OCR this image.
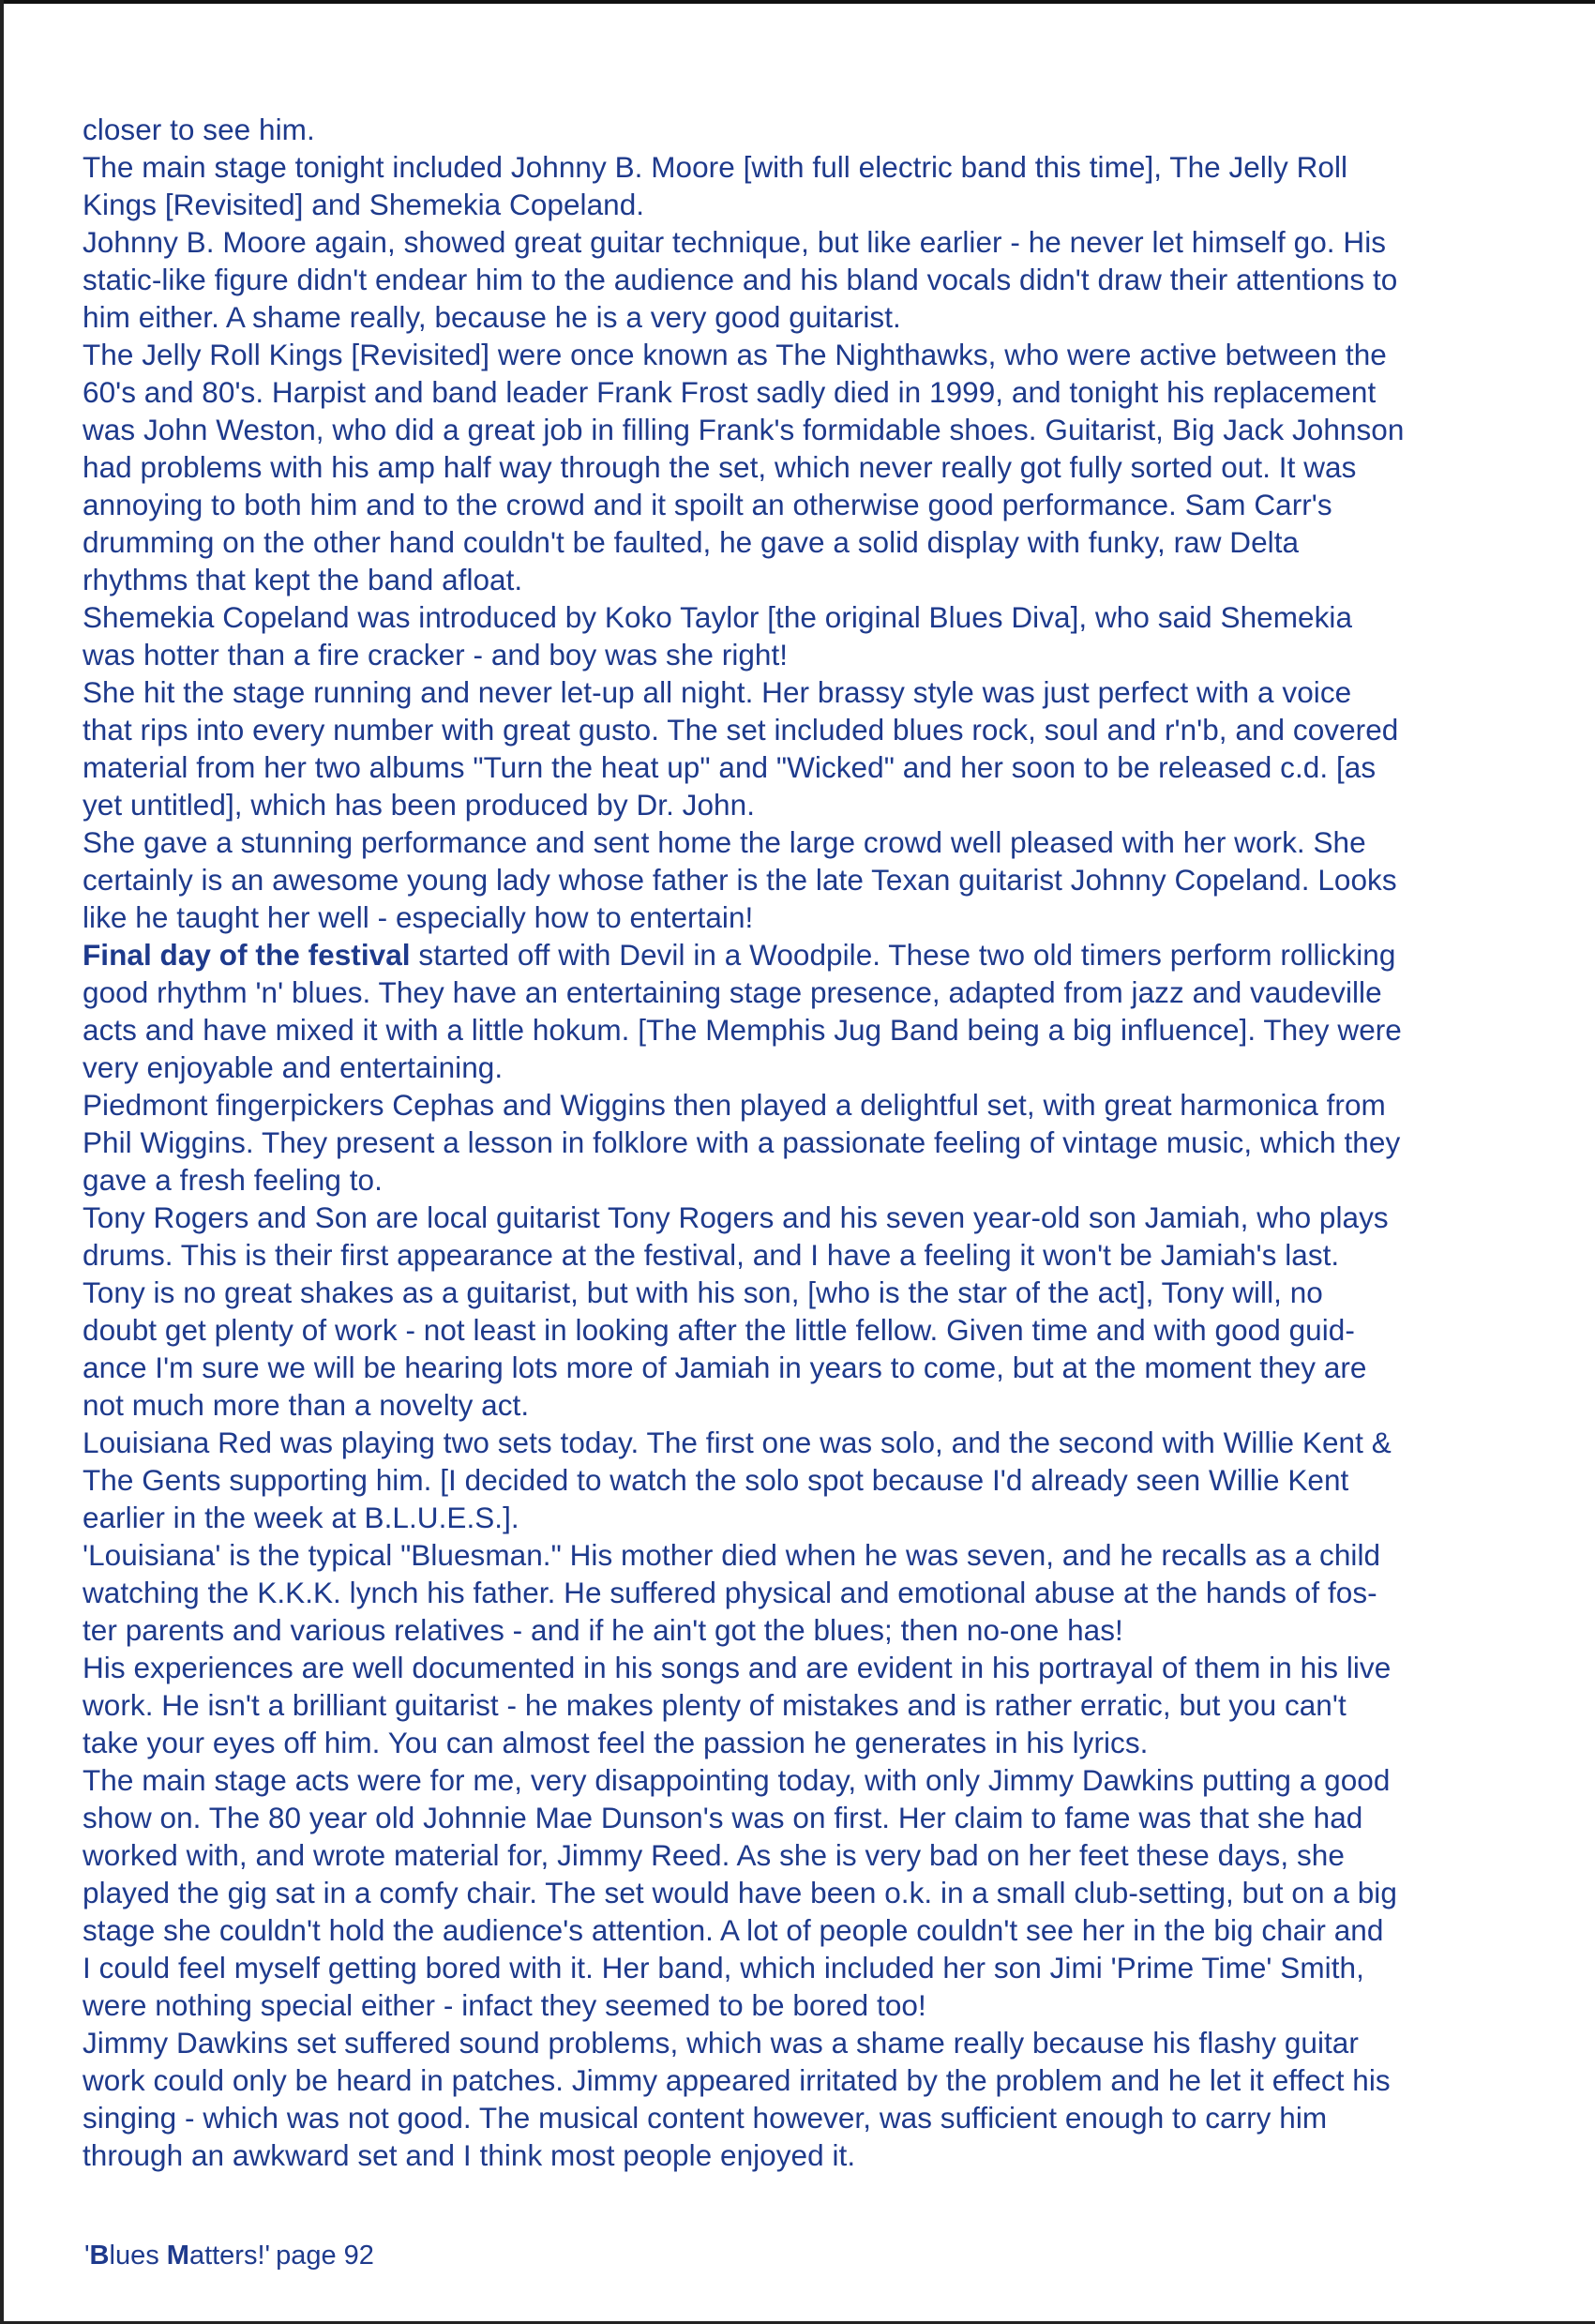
closer to see him.
The main stage tonight included Johnny B. Moore [with full electric band this time], The Jelly Roll
Kings [Revisited] and Shemekia Copeland.
Johnny B. Moore again, showed great guitar technique, but like earlier - he never let himself go. His
static-like figure didn't endear him to the audience and his bland vocals didn't draw their attentions to
him either. A shame really, because he is a very good guitarist.
The Jelly Roll Kings [Revisited] were once known as The Nighthawks, who were active between the
60's and 80's. Harpist and band leader Frank Frost sadly died in 1999, and tonight his replacement
was John Weston, who did a great job in filling Frank's formidable shoes. Guitarist, Big Jack Johnson
had problems with his amp half way through the set, which never really got fully sorted out. It was
annoying to both him and to the crowd and it spoilt an otherwise good performance. Sam Carr's
drumming on the other hand couldn't be faulted, he gave a solid display with funky, raw Delta
rhythms that kept the band afloat.
Shemekia Copeland was introduced by Koko Taylor [the original Blues Diva], who said Shemekia
was hotter than a fire cracker - and boy was she right!
She hit the stage running and never let-up all night. Her brassy style was just perfect with a voice
that rips into every number with great gusto. The set included blues rock, soul and r'n'b, and covered
material from her two albums "Turn the heat up" and "Wicked" and her soon to be released c.d. [as
yet untitled], which has been produced by Dr. John.
She gave a stunning performance and sent home the large crowd well pleased with her work. She
certainly is an awesome young lady whose father is the late Texan guitarist Johnny Copeland. Looks
like he taught her well - especially how to entertain!
Final day of the festival started off with Devil in a Woodpile. These two old timers perform rollicking
good rhythm 'n' blues. They have an entertaining stage presence, adapted from jazz and vaudeville
acts and have mixed it with a little hokum. [The Memphis Jug Band being a big influence]. They were
very enjoyable and entertaining.
Piedmont fingerpickers Cephas and Wiggins then played a delightful set, with great harmonica from
Phil Wiggins. They present a lesson in folklore with a passionate feeling of vintage music, which they
gave a fresh feeling to.
Tony Rogers and Son are local guitarist Tony Rogers and his seven year-old son Jamiah, who plays
drums. This is their first appearance at the festival, and I have a feeling it won't be Jamiah's last.
Tony is no great shakes as a guitarist, but with his son, [who is the star of the act], Tony will, no
doubt get plenty of work - not least in looking after the little fellow. Given time and with good guid-
ance I'm sure we will be hearing lots more of Jamiah in years to come, but at the moment they are
not much more than a novelty act.
Louisiana Red was playing two sets today. The first one was solo, and the second with Willie Kent &
The Gents supporting him. [I decided to watch the solo spot because I'd already seen Willie Kent
earlier in the week at B.L.U.E.S.].
'Louisiana' is the typical "Bluesman." His mother died when he was seven, and he recalls as a child
watching the K.K.K. lynch his father. He suffered physical and emotional abuse at the hands of fos-
ter parents and various relatives - and if he ain't got the blues; then no-one has!
His experiences are well documented in his songs and are evident in his portrayal of them in his live
work. He isn't a brilliant guitarist - he makes plenty of mistakes and is rather erratic, but you can't
take your eyes off him. You can almost feel the passion he generates in his lyrics.
The main stage acts were for me, very disappointing today, with only Jimmy Dawkins putting a good
show on. The 80 year old Johnnie Mae Dunson's was on first. Her claim to fame was that she had
worked with, and wrote material for, Jimmy Reed. As she is very bad on her feet these days, she
played the gig sat in a comfy chair. The set would have been o.k. in a small club-setting, but on a big
stage she couldn't hold the audience's attention. A lot of people couldn't see her in the big chair and
I could feel myself getting bored with it. Her band, which included her son Jimi 'Prime Time' Smith,
were nothing special either - infact they seemed to be bored too!
Jimmy Dawkins set suffered sound problems, which was a shame really because his flashy guitar
work could only be heard in patches. Jimmy appeared irritated by the problem and he let it effect his
singing - which was not good. The musical content however, was sufficient enough to carry him
through an awkward set and I think most people enjoyed it.
'Blues Matters!' page 92
